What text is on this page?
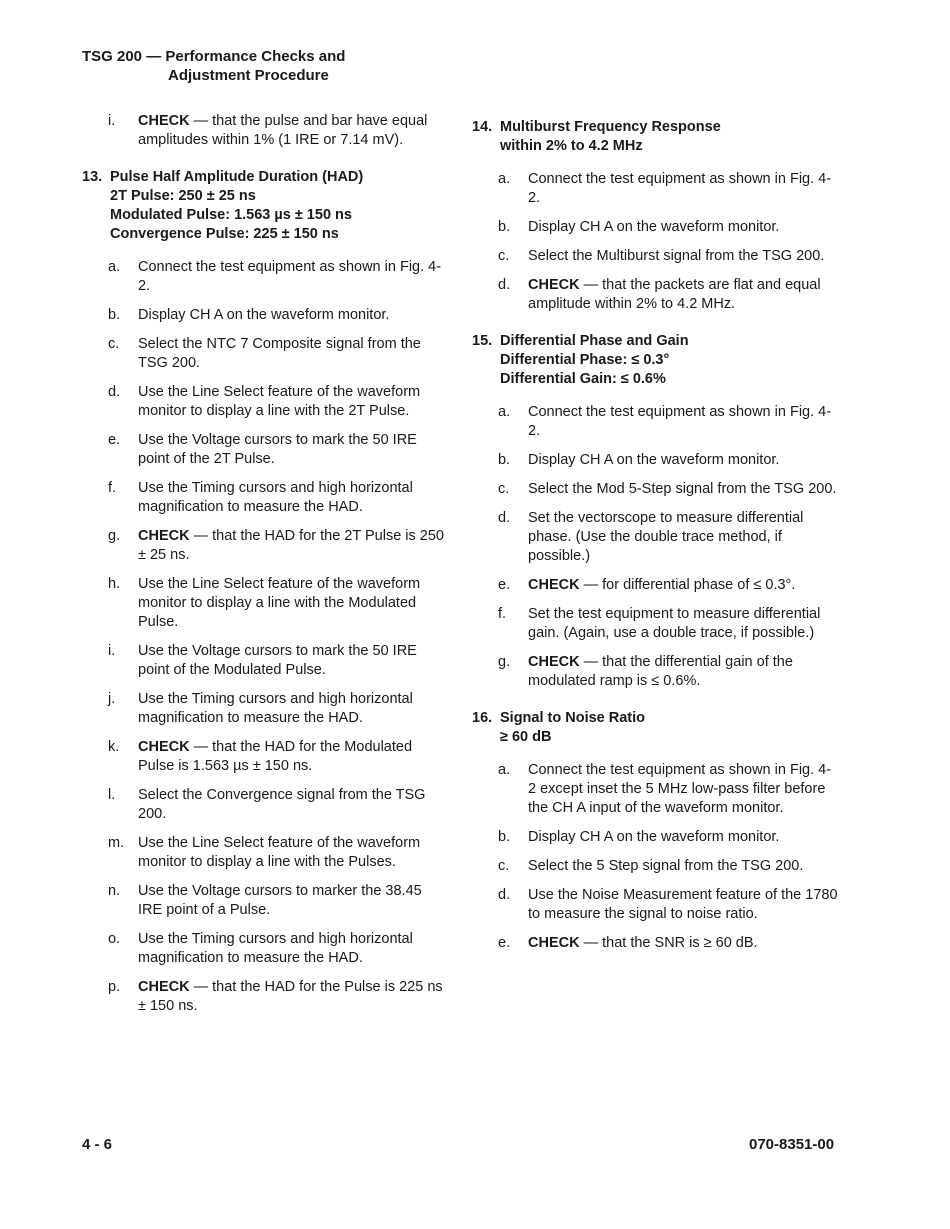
TSG 200 — Performance Checks and
Adjustment Procedure
i. CHECK — that the pulse and bar have equal amplitudes within 1% (1 IRE or 7.14 mV).
13. Pulse Half Amplitude Duration (HAD)
2T Pulse: 250 ± 25 ns
Modulated Pulse: 1.563 µs ± 150 ns
Convergence Pulse: 225 ± 150 ns
a. Connect the test equipment as shown in Fig. 4-2.
b. Display CH A on the waveform monitor.
c. Select the NTC 7 Composite signal from the TSG 200.
d. Use the Line Select feature of the waveform monitor to display a line with the 2T Pulse.
e. Use the Voltage cursors to mark the 50 IRE point of the 2T Pulse.
f. Use the Timing cursors and high horizontal magnification to measure the HAD.
g. CHECK — that the HAD for the 2T Pulse is 250 ± 25 ns.
h. Use the Line Select feature of the waveform monitor to display a line with the Modulated Pulse.
i. Use the Voltage cursors to mark the 50 IRE point of the Modulated Pulse.
j. Use the Timing cursors and high horizontal magnification to measure the HAD.
k. CHECK — that the HAD for the Modulated Pulse is 1.563 µs ± 150 ns.
l. Select the Convergence signal from the TSG 200.
m. Use the Line Select feature of the waveform monitor to display a line with the Pulses.
n. Use the Voltage cursors to marker the 38.45 IRE point of a Pulse.
o. Use the Timing cursors and high horizontal magnification to measure the HAD.
p. CHECK — that the HAD for the Pulse is 225 ns ± 150 ns.
14. Multiburst Frequency Response
within 2% to 4.2 MHz
a. Connect the test equipment as shown in Fig. 4-2.
b. Display CH A on the waveform monitor.
c. Select the Multiburst signal from the TSG 200.
d. CHECK — that the packets are flat and equal amplitude within 2% to 4.2 MHz.
15. Differential Phase and Gain
Differential Phase: ≤ 0.3°
Differential Gain: ≤ 0.6%
a. Connect the test equipment as shown in Fig. 4-2.
b. Display CH A on the waveform monitor.
c. Select the Mod 5-Step signal from the TSG 200.
d. Set the vectorscope to measure differential phase. (Use the double trace method, if possible.)
e. CHECK — for differential phase of ≤ 0.3°.
f. Set the test equipment to measure differential gain. (Again, use a double trace, if possible.)
g. CHECK — that the differential gain of the modulated ramp is ≤ 0.6%.
16. Signal to Noise Ratio
≥ 60 dB
a. Connect the test equipment as shown in Fig. 4-2 except inset the 5 MHz low-pass filter before the CH A input of the waveform monitor.
b. Display CH A on the waveform monitor.
c. Select the 5 Step signal from the TSG 200.
d. Use the Noise Measurement feature of the 1780 to measure the signal to noise ratio.
e. CHECK — that the SNR is ≥ 60 dB.
4 - 6	070-8351-00
